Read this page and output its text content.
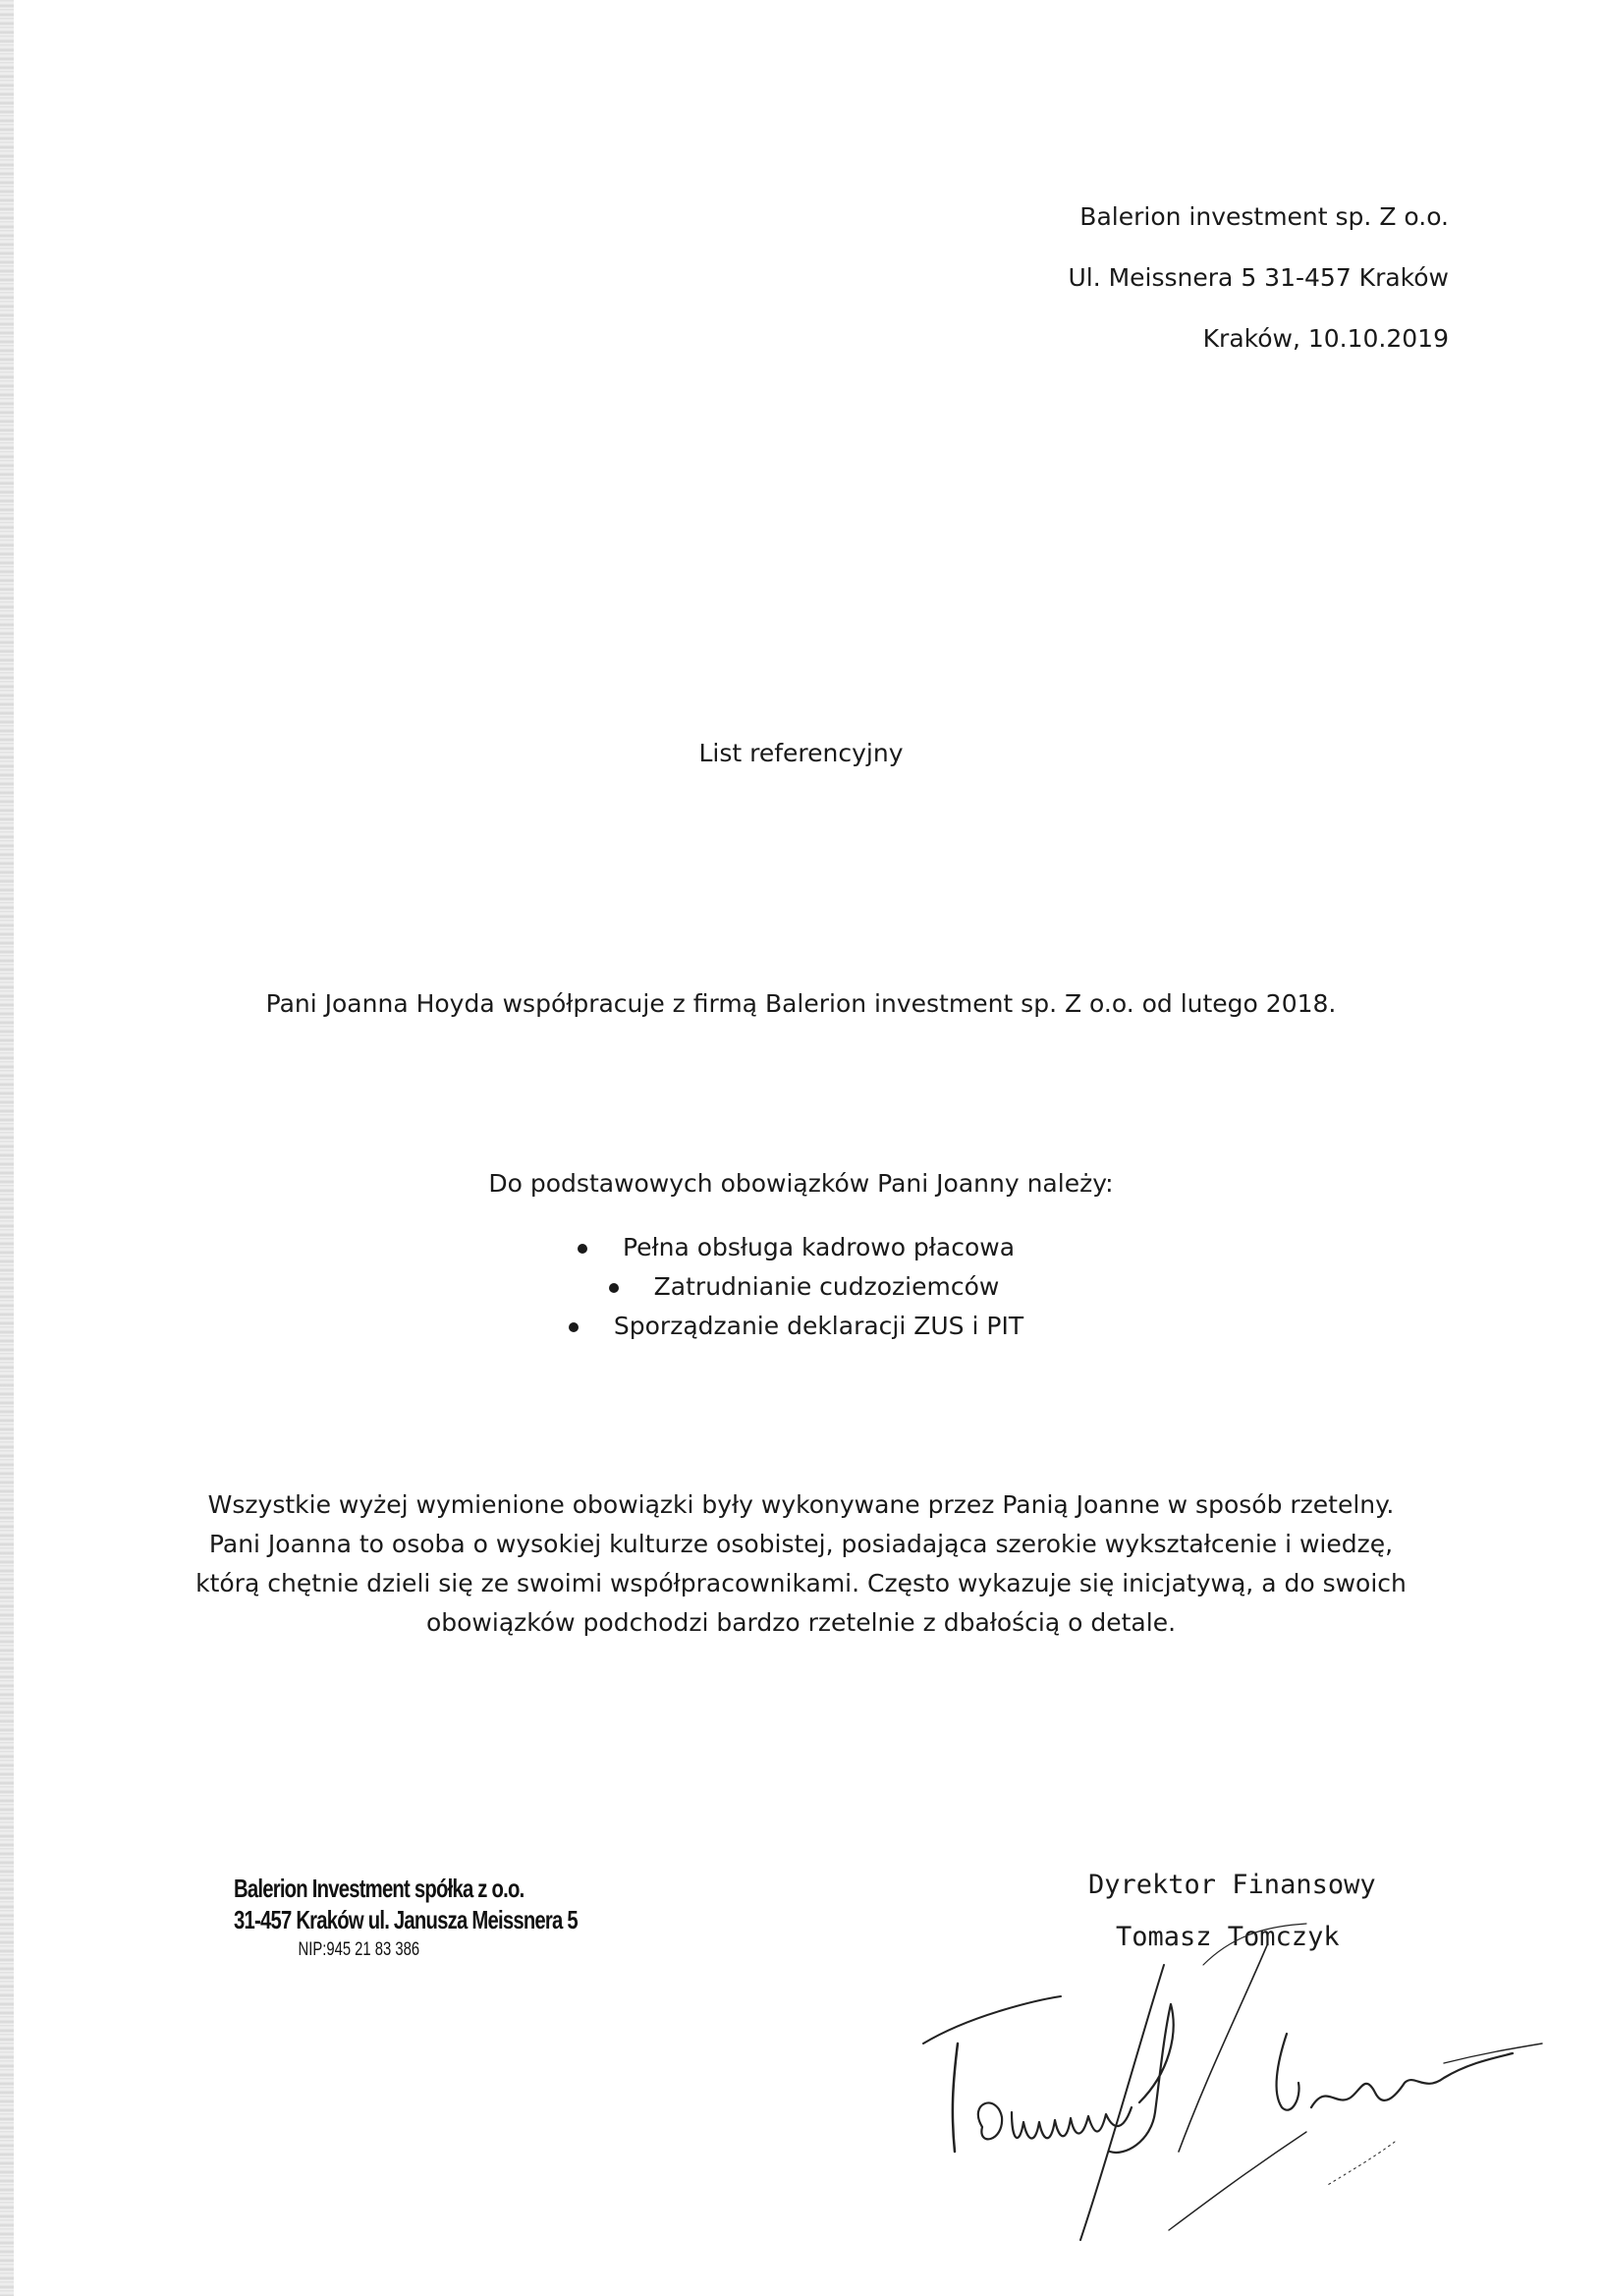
Balerion investment sp. Z o.o.
Ul. Meissnera 5 31-457 Kraków
Kraków, 10.10.2019
List referencyjny
Pani Joanna Hoyda współpracuje z firmą Balerion investment sp. Z o.o. od lutego 2018.
Do podstawowych obowiązków Pani Joanny należy:
Pełna obsługa kadrowo płacowa
Zatrudnianie cudzoziemców
Sporządzanie deklaracji ZUS i PIT

Wszystkie wyżej wymienione obowiązki były wykonywane przez Panią Joanne w sposób rzetelny.

Pani Joanna to osoba o wysokiej kulturze osobistej, posiadająca szerokie wykształcenie i wiedzę,

którą chętnie dzieli się ze swoimi współpracownikami. Często wykazuje się inicjatywą, a do swoich

obowiązków podchodzi bardzo rzetelnie z dbałością o detale.

Balerion Investment spółka z o.o.
31-457 Kraków ul. Janusza Meissnera 5
NIP:945 21 83 386
Dyrektor Finansowy
Tomasz Tomczyk
